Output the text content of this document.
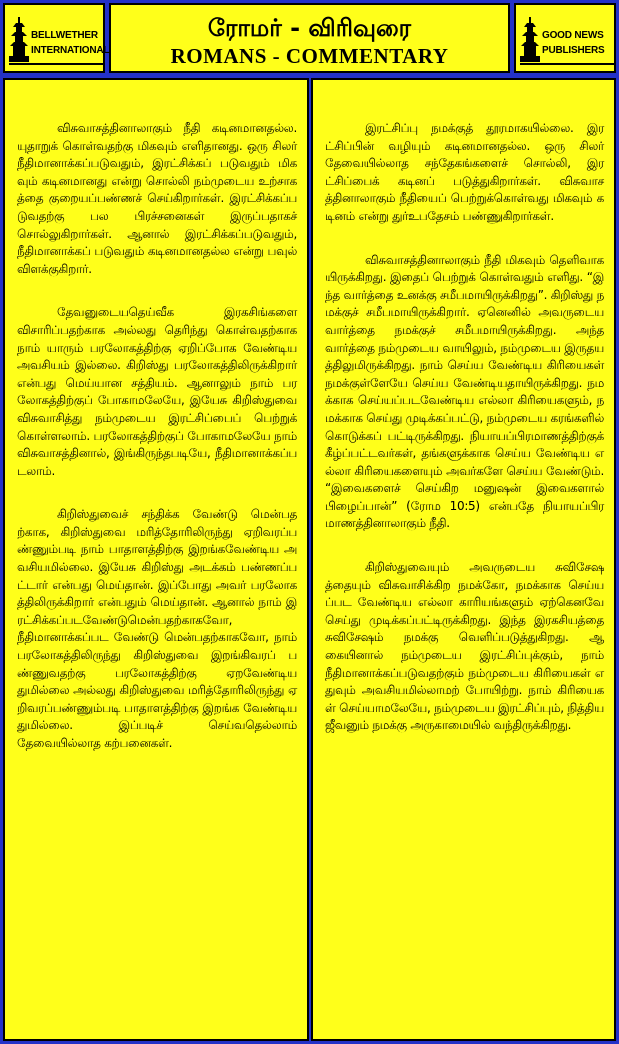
BELLWETHER
INTERNATIONAL
ரோமர் - விரிவுரை
ROMANS - COMMENTARY
GOOD NEWS
PUBLISHERS

விசுவாசத்தினாலாகும் நீதி கடினமானதல்ல. யுதாறுக் கொள்வதற்கு மிகவும் எளிதானது. ஒரு சிலர் நீதிமானாக்கப்படுவதும், இரட்சிக்கப் படுவதும் மிகவும் கடினமானது என்று சொல்லி நம்முடைய உற்சாகத்தை குறையப்பண்ணச் செய்கிறார்கள். இரட்சிக்கப்படுவதற்கு பல பிரச்சனைகள் இருப்பதாகச் சொல்லுகிறார்கள். ஆனால் இரட்சிக்கப்படுவதும், நீதிமானாக்கப் படுவதும் கடினமானதல்ல என்று பவுல் விளக்குகிறார்.

தேவனுடையதெய்வீக இரகசிங்களை விசாரிப்பதற்காக அல்லது தெரிந்து கொள்வதற்காக நாம் யாரும் பரலோகத்திற்கு ஏறிப்போக வேண்டிய அவசியம் இல்லை. கிறிஸ்து பரலோகத்திலிருக்கிறார் என்பது மெய்யான சத்தியம். ஆனாலும் நாம் பரலோகத்திற்குப் போகாமலேயே, இயேசு கிறிஸ்துவை விசுவாசித்து நம்முடைய இரட்சிப்பைப் பெற்றுக் கொள்ளலாம். பரலோகத்திற்குப் போகாமலேயே நாம் விசுவாசத்தினால், இங்கிருந்தபடியே, நீதிமானாக்கப்படலாம்.

கிறிஸ்துவைச் சந்திக்க வேண்டு மென்பதற்காக, கிறிஸ்துவை மரித்தோரிலிருந்து ஏறிவரப்பண்ணும்படி நாம் பாதாளத்திற்கு இறங்கவேண்டிய அவசியமில்லை. இயேசு கிறிஸ்து அடக்கம் பண்ணப்பட்டார் என்பது மெய்தான். இப்போது அவர் பரலோகத்திலிருக்கிறார் என்பதும் மெய்தான். ஆனால் நாம் இரட்சிக்கப்படவேண்டுமென்பதற்காகவோ, நீதிமானாக்கப்பட வேண்டு மென்பதற்காகவோ, நாம் பரலோகத்திலிருந்து கிறிஸ்துவை இறங்கிவரப் பண்ணுவதற்கு பரலோகத்திற்கு ஏறவேண்டியதுமில்லை அல்லது கிறிஸ்துவை மரித்தோரிலிருந்து ஏறிவரப்பண்ணும்படி பாதாளத்திற்கு இறங்க வேண்டியதுமில்லை. இப்படிச் செய்வதெல்லாம் தேவையில்லாத கற்பனைகள்.

இரட்சிப்பு நமக்குத் தூரமாகயில்லை. இரட்சிப்பின் வழியும் கடினமானதல்ல. ஒரு சிலர் தேவையில்லாத சந்தேகங்களைச் சொல்லி, இரட்சிப்பைக் கடினப் படுத்துகிறார்கள். விசுவாசத்தினாலாகும் நீதியைப் பெற்றுக்கொள்வது மிகவும் கடினம் என்று துர்உபதேசம் பண்ணுகிறார்கள்.

விசுவாசத்தினாலாகும் நீதி மிகவும் தெளிவாகயிருக்கிறது. இதைப் பெற்றுக் கொள்வதும் எளிது. “இந்த வார்த்தை உனக்கு சமீபமாயிருக்கிறது”. கிறிஸ்து நமக்குச் சமீபமாயிருக்கிறார். ஏனெனில் அவருடைய வார்த்தை நமக்குச் சமீபமாயிருக்கிறது. அந்த வார்த்தை நம்முடைய வாயிலும், நம்முடைய இருதயத்திலுமிருக்கிறது. நாம் செய்ய வேண்டிய கிரியைகள் நமக்குள்ளேயே செய்ய வேண்டியதாயிருக்கிறது. நமக்காக செய்யப்படவேண்டிய எல்லா கிரியைகளும், நமக்காக செய்து முடிக்கப்பட்டு, நம்முடைய கரங்களில் கொடுக்கப் பட்டிருக்கிறது. நியாயப்பிரமாணத்திற்குக் கீழ்ப்பட்டவர்கள், தங்களுக்காக செய்ய வேண்டிய எல்லா கிரியைகளையும் அவர்களே செய்ய வேண்டும். “இவைகளைச் செய்கிற மனுஷன் இவைகளால் பிழைப்பான்” (ரோம 10:5) என்பதே நியாயப்பிரமாணத்தினாலாகும் நீதி.

கிறிஸ்துவையும் அவருடைய சுவிசேஷத்தையும் விசுவாசிக்கிற நமக்கோ, நமக்காக செய்யப்பட வேண்டிய எல்லா காரியங்களும் ஏற்கெனவே செய்து முடிக்கப்பட்டிருக்கிறது. இந்த இரகசியத்தை சுவிசேஷம் நமக்கு வெளிப்படுத்துகிறது. ஆகையினால் நம்முடைய இரட்சிப்புக்கும், நாம் நீதிமானாக்கப்படுவதற்கும் நம்முடைய கிரியைகள் எதுவும் அவசியமில்லாமற் போயிற்று. நாம் கிரியைகள் செய்யாமலேயே, நம்முடைய இரட்சிப்பும், நித்திய ஜீவனும் நமக்கு அருகாமையில் வந்திருக்கிறது.
